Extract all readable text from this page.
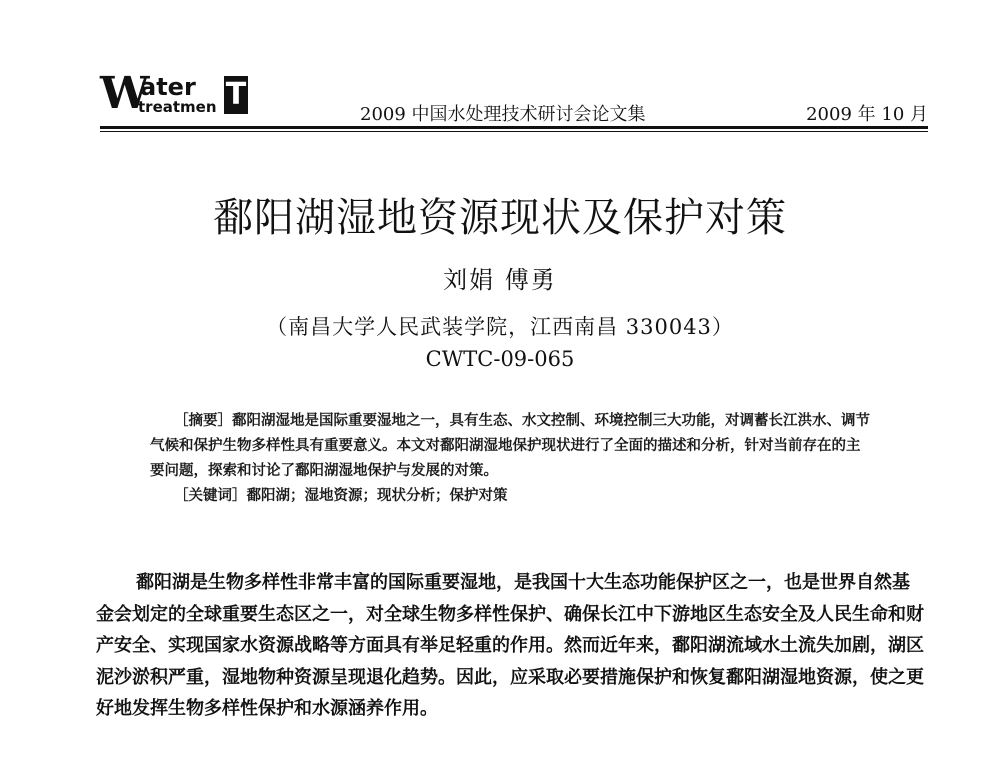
W
ater
treatmen T
2009 中国水处理技术研讨会论文集	2009 年 10 月
鄱阳湖湿地资源现状及保护对策
刘娟 傅勇
（南昌大学人民武装学院，江西南昌 330043）
CWTC-09-065

［摘要］鄱阳湖湿地是国际重要湿地之一，具有生态、水文控制、环境控制三大功能，对调蓄长江洪水、调节气候和保护生物多样性具有重要意义。本文对鄱阳湖湿地保护现状进行了全面的描述和分析，针对当前存在的主要问题，探索和讨论了鄱阳湖湿地保护与发展的对策。

［关键词］鄱阳湖；湿地资源；现状分析；保护对策

鄱阳湖是生物多样性非常丰富的国际重要湿地，是我国十大生态功能保护区之一，也是世界自然基金会划定的全球重要生态区之一，对全球生物多样性保护、确保长江中下游地区生态安全及人民生命和财产安全、实现国家水资源战略等方面具有举足轻重的作用。然而近年来，鄱阳湖流域水土流失加剧，湖区泥沙淤积严重，湿地物种资源呈现退化趋势。因此，应采取必要措施保护和恢复鄱阳湖湿地资源，使之更好地发挥生物多样性保护和水源涵养作用。
